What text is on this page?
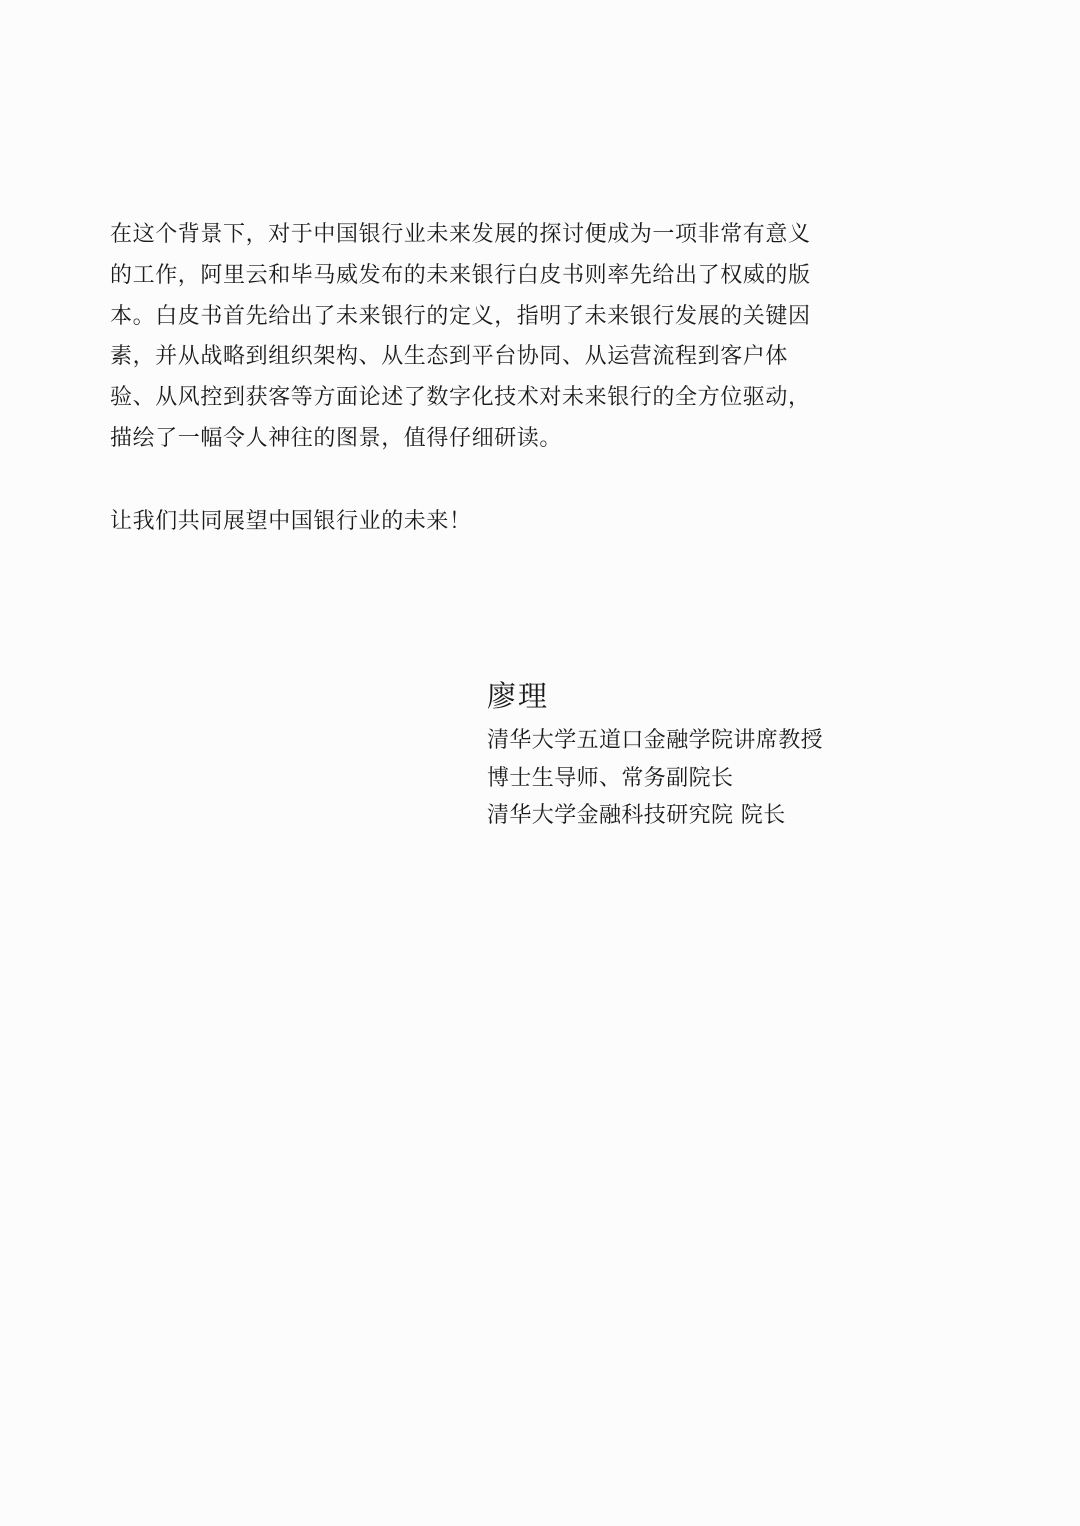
在这个背景下，对于中国银行业未来发展的探讨便成为一项非常有意义
的工作，阿里云和毕马威发布的未来银行白皮书则率先给出了权威的版
本。白皮书首先给出了未来银行的定义，指明了未来银行发展的关键因
素，并从战略到组织架构、从生态到平台协同、从运营流程到客户体
验、从风控到获客等方面论述了数字化技术对未来银行的全方位驱动，
描绘了一幅令人神往的图景，值得仔细研读。

让我们共同展望中国银行业的未来！

廖理

清华大学五道口金融学院讲席教授
博士生导师、常务副院长
清华大学金融科技研究院 院长
